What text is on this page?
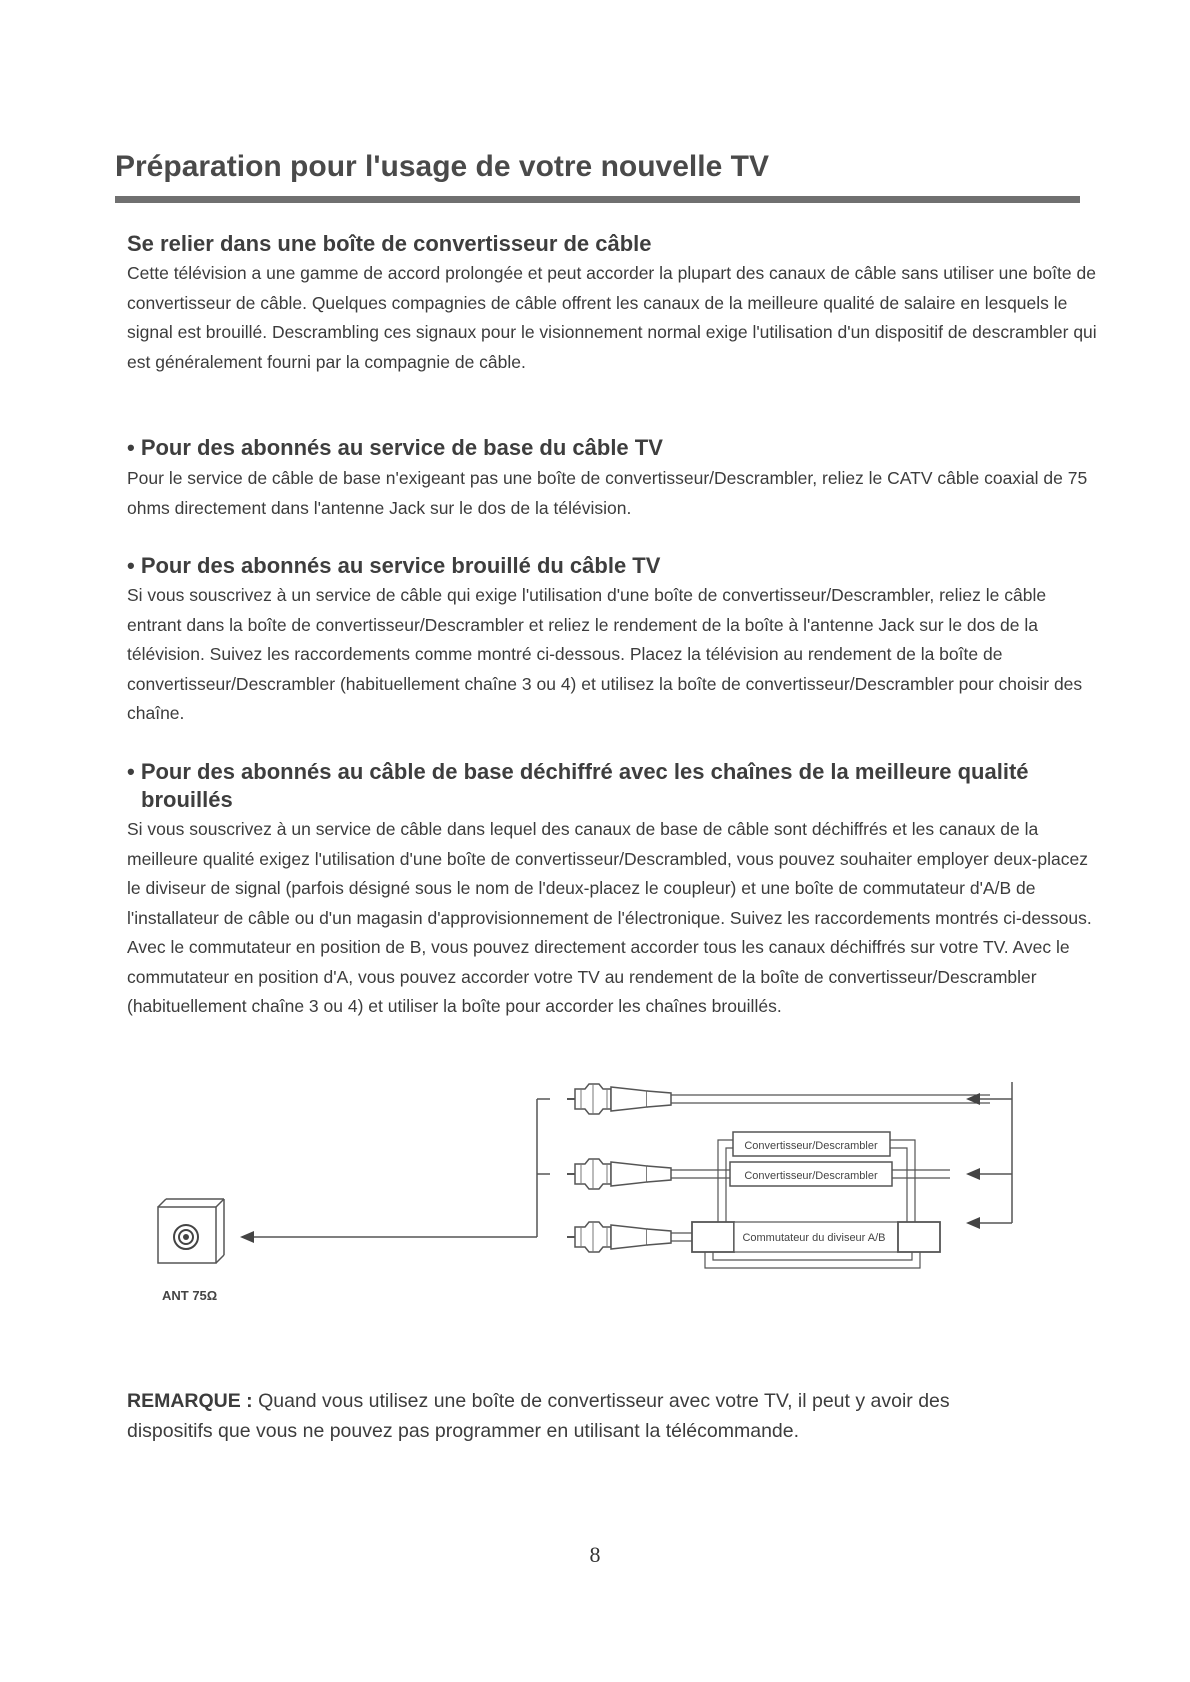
Préparation pour l'usage de votre nouvelle TV
Se relier dans une boîte de convertisseur de câble

Cette télévision a une gamme de accord prolongée et peut accorder la plupart des canaux de câble sans utiliser une boîte de convertisseur de câble. Quelques compagnies de câble offrent les canaux de la meilleure qualité de salaire en lesquels le signal est brouillé. Descrambling ces signaux pour le visionnement normal exige l'utilisation d'un dispositif de descrambler qui est généralement fourni par la compagnie de câble.

• Pour des abonnés au service de base du câble TV

Pour le service de câble de base n'exigeant pas une boîte de convertisseur/Descrambler, reliez le CATV câble coaxial de 75 ohms directement dans l'antenne Jack sur le dos de la télévision.

• Pour des abonnés au service brouillé du câble TV

Si vous souscrivez à un service de câble qui exige l'utilisation d'une boîte de convertisseur/Descrambler, reliez le câble entrant dans la boîte de convertisseur/Descrambler et reliez le rendement de la boîte à l'antenne Jack sur le dos de la télévision. Suivez les raccordements comme montré ci-dessous. Placez la télévision au rendement de la boîte de convertisseur/Descrambler (habituellement chaîne 3 ou 4) et utilisez la boîte de convertisseur/Descrambler pour choisir des chaîne.

• Pour des abonnés au câble de base déchiffré avec les chaînes de la meilleure qualité brouillés

Si vous souscrivez à un service de câble dans lequel des canaux de base de câble sont déchiffrés et les canaux de la meilleure qualité exigez l'utilisation d'une boîte de convertisseur/Descrambled, vous pouvez souhaiter employer deux-placez le diviseur de signal (parfois désigné sous le nom de l'deux-placez le coupleur) et une boîte de commutateur d'A/B de l'installateur de câble ou d'un magasin d'approvisionnement de l'électronique. Suivez les raccordements montrés ci-dessous. Avec le commutateur en position de B, vous pouvez directement accorder tous les canaux déchiffrés sur votre TV. Avec le commutateur en position d'A, vous pouvez accorder votre TV au rendement de la boîte de convertisseur/Descrambler (habituellement chaîne 3 ou 4) et utiliser la boîte pour accorder les chaînes brouillés.

ANT 75Ω
Convertisseur/Descrambler
Convertisseur/Descrambler
Commutateur du diviseur A/B

REMARQUE : Quand vous utilisez une boîte de convertisseur avec votre TV, il peut y avoir des dispositifs que vous ne pouvez pas programmer en utilisant la télécommande.

8
